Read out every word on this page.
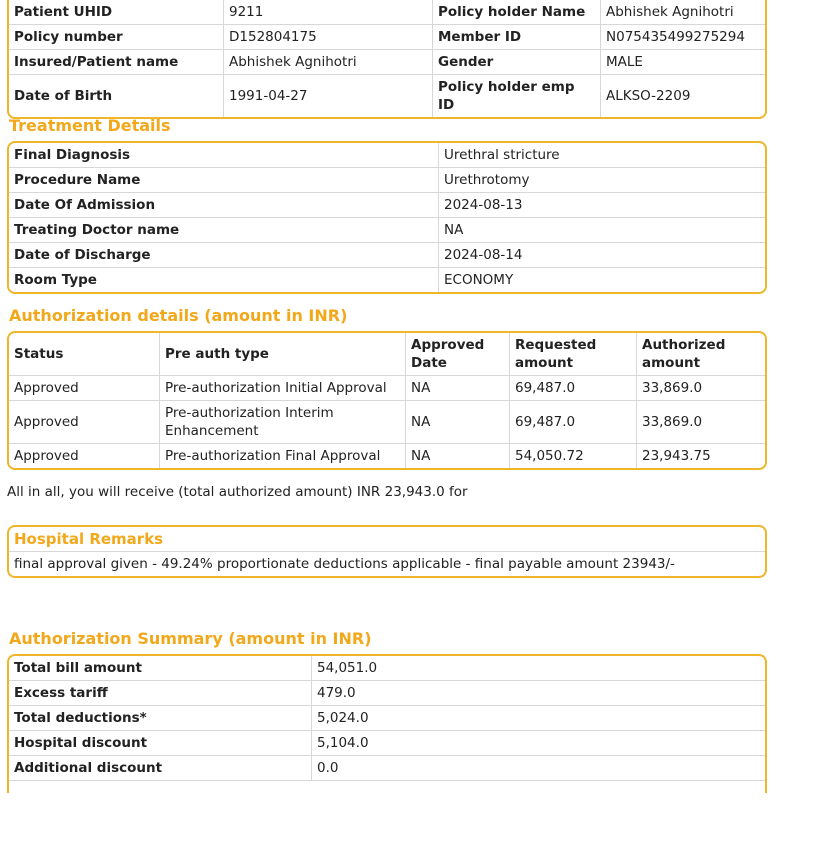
Patient UHID	9211	Policy holder Name	Abhishek Agnihotri
Policy number	D152804175	Member ID	N075435499275294
Insured/Patient name	Abhishek Agnihotri	Gender	MALE
Date of Birth	1991-04-27	Policy holder emp ID	ALKSO-2209
Treatment Details
Final Diagnosis	Urethral stricture
Procedure Name	Urethrotomy
Date Of Admission	2024-08-13
Treating Doctor name	NA
Date of Discharge	2024-08-14
Room Type	ECONOMY
Authorization details (amount in INR)
Status	Pre auth type	Approved Date	Requested amount	Authorized amount
Approved	Pre-authorization Initial Approval	NA	69,487.0	33,869.0
Approved	Pre-authorization Interim Enhancement	NA	69,487.0	33,869.0
Approved	Pre-authorization Final Approval	NA	54,050.72	23,943.75

All in all, you will receive (total authorized amount) INR 23,943.0 for

Hospital Remarks
final approval given - 49.24% proportionate deductions applicable - final payable amount 23943/-
Authorization Summary (amount in INR)
Total bill amount	54,051.0
Excess tariff	479.0
Total deductions*	5,024.0
Hospital discount	5,104.0
Additional discount	0.0
